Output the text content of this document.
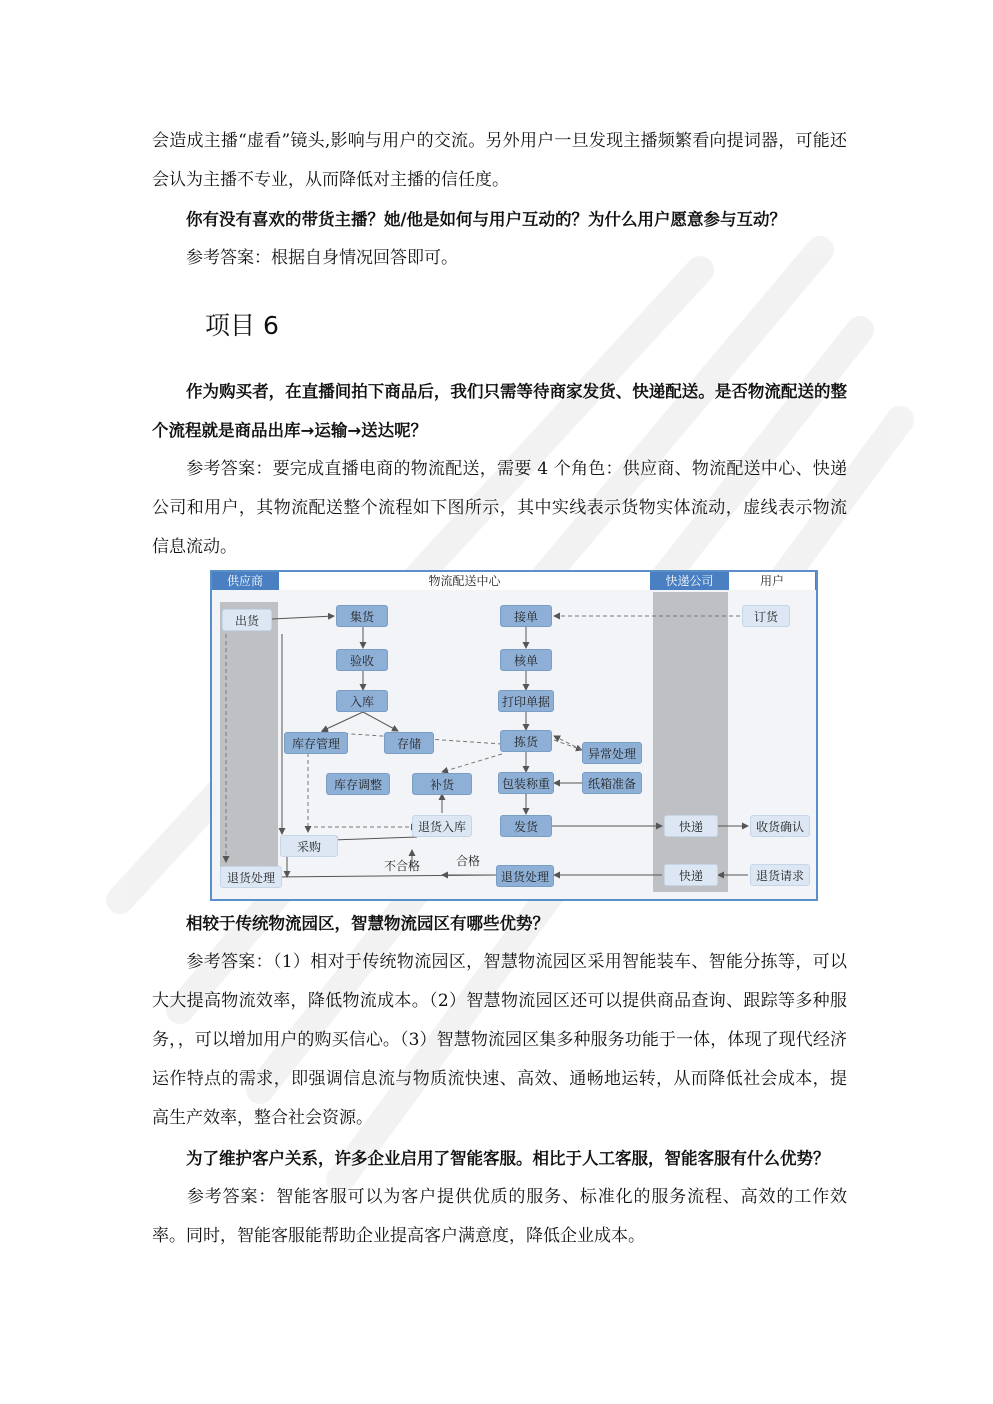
会造成主播“虚看”镜头,影响与用户的交流。另外用户一旦发现主播频繁看向提词器，可能还会认为主播不专业，从而降低对主播的信任度。

你有没有喜欢的带货主播？她/他是如何与用户互动的？为什么用户愿意参与互动？

参考答案：根据自身情况回答即可。

项目 6

作为购买者，在直播间拍下商品后，我们只需等待商家发货、快递配送。是否物流配送的整个流程就是商品出库→运输→送达呢？

参考答案：要完成直播电商的物流配送，需要 4 个角色：供应商、物流配送中心、快递公司和用户，其物流配送整个流程如下图所示，其中实线表示货物实体流动，虚线表示物流信息流动。

供应商	物流配送中心	快递公司	用户
出货	集货
验收
入库
库存管理	存储
库存调整	补货
退货入库
采购
退货处理
接单
核单
打印单据
拣货
异常处理
包装称重	纸箱准备
发货
退货处理
快递
快递
订货
收货确认
退货请求
不合格	合格

相较于传统物流园区，智慧物流园区有哪些优势？

参考答案：（1）相对于传统物流园区，智慧物流园区采用智能装车、智能分拣等，可以大大提高物流效率，降低物流成本。（2）智慧物流园区还可以提供商品查询、跟踪等多种服务，，可以增加用户的购买信心。（3）智慧物流园区集多种服务功能于一体，体现了现代经济运作特点的需求，即强调信息流与物质流快速、高效、通畅地运转，从而降低社会成本，提高生产效率，整合社会资源。

为了维护客户关系，许多企业启用了智能客服。相比于人工客服，智能客服有什么优势？

参考答案：智能客服可以为客户提供优质的服务、标准化的服务流程、高效的工作效率。同时，智能客服能帮助企业提高客户满意度，降低企业成本。
